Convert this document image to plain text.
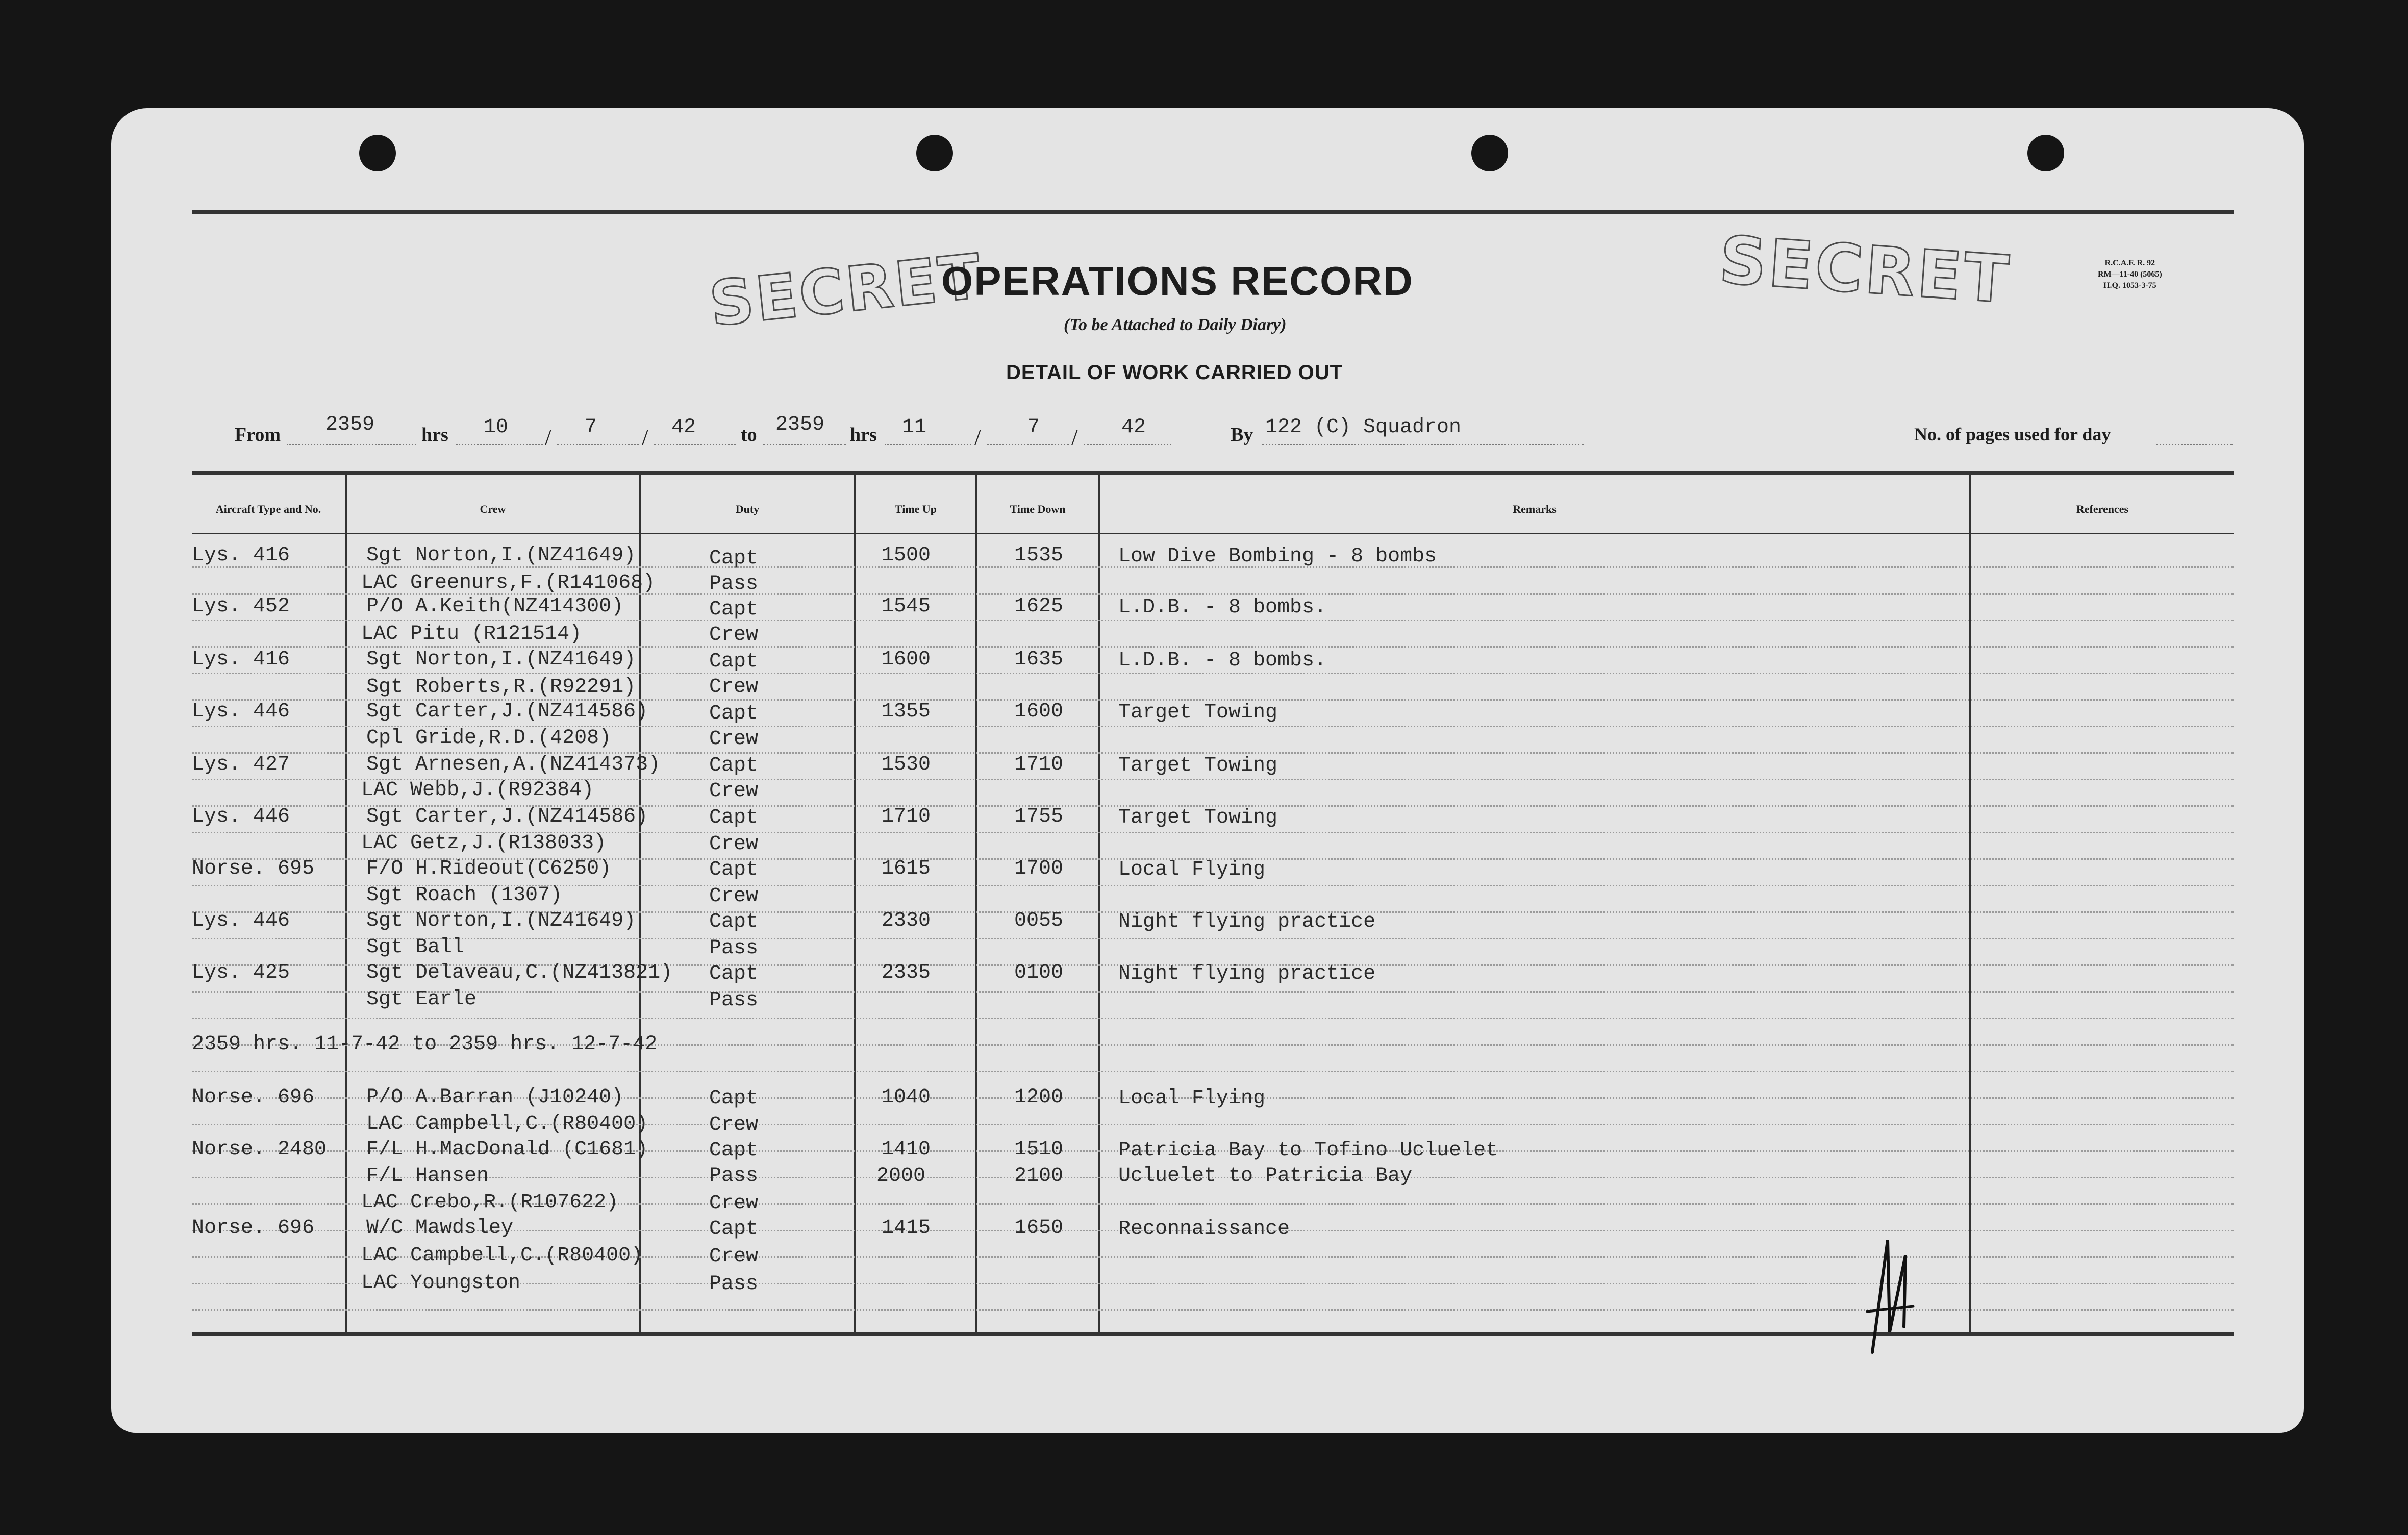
SECRET	SECRET
OPERATIONS RECORD
(To be Attached to Daily Diary)
DETAIL OF WORK CARRIED OUT
R.C.A.F. R. 92
RM—11-40 (5065)
H.Q. 1053-3-75
From 2359 hrs 10 / 7 / 42 to 2359 hrs 11 / 7 / 42	By 122 (C) Squadron	No. of pages used for day
Aircraft Type and No.	Crew	Duty	Time Up	Time Down	Remarks	References
Lys. 416	Sgt Norton,I.(NZ41649)	Capt	1500	1535	Low Dive Bombing - 8 bombs
LAC Greenurs,F.(R141068)	Pass
Lys. 452	P/O A.Keith(NZ414300)	Capt	1545	1625	L.D.B. - 8 bombs.
LAC Pitu (R121514)	Crew
Lys. 416	Sgt Norton,I.(NZ41649)	Capt	1600	1635	L.D.B. - 8 bombs.
Sgt Roberts,R.(R92291)	Crew
Lys. 446	Sgt Carter,J.(NZ414586)	Capt	1355	1600	Target Towing
Cpl Gride,R.D.(4208)	Crew
Lys. 427	Sgt Arnesen,A.(NZ414373) Capt	1530	1710	Target Towing
LAC Webb,J.(R92384)	Crew
Lys. 446	Sgt Carter,J.(NZ414586)	Capt	1710	1755	Target Towing
LAC Getz,J.(R138033)	Crew
Norse. 695	F/O H.Rideout(C6250)	Capt	1615	1700	Local Flying
Sgt Roach (1307)	Crew
Lys. 446	Sgt Norton,I.(NZ41649)	Capt	2330	0055	Night flying practice
Sgt Ball	Pass
Lys. 425	Sgt Delaveau,C.(NZ413821) Capt	2335	0100	Night flying practice
Sgt Earle	Pass
2359 hrs. 11-7-42 to 2359 hrs. 12-7-42
Norse. 696	P/O A.Barran (J10240)	Capt	1040	1200	Local Flying
LAC Campbell,C.(R80400)	Crew
Norse. 2480 F/L H.MacDonald (C1681)	Capt	1410	1510	Patricia Bay to Tofino Ucluelet
F/L Hansen	Pass	2000	2100	Ucluelet to Patricia Bay
LAC Crebo,R.(R107622)	Crew
Norse. 696	W/C Mawdsley	Capt	1415	1650	Reconnaissance
LAC Campbell,C.(R80400)	Crew
LAC Youngston	Pass
